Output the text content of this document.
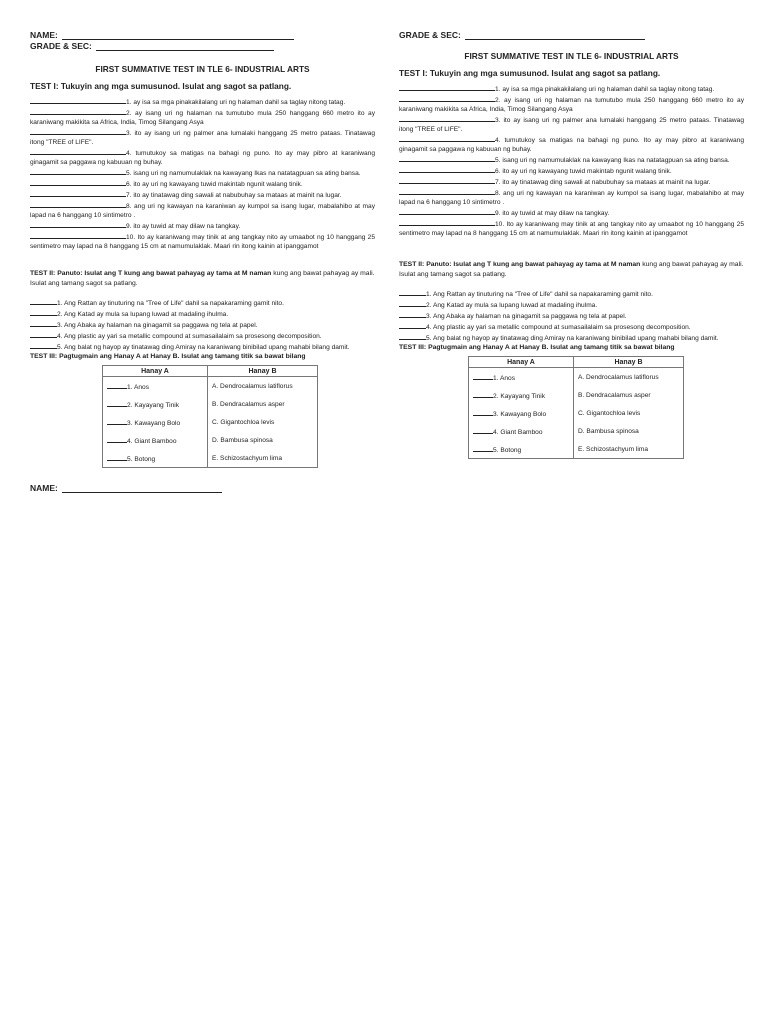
NAME:
GRADE & SEC:
FIRST SUMMATIVE TEST IN TLE 6- INDUSTRIAL ARTS
TEST I: Tukuyin ang mga sumusunod. Isulat ang sagot sa patlang.
1. ay isa sa mga pinakakilalang uri ng halaman dahil sa taglay nitong tatag.
2. ay isang uri ng halaman na tumutubo mula 250 hanggang 660 metro ito ay karaniwang makikita sa Africa, India, Timog Silangang Asya
3. ito ay isang uri ng palmer ana lumalaki hanggang 25 metro pataas. Tinatawag itong "TREE of LIFE".
4. tumutukoy sa matigas na bahagi ng puno. Ito ay may pibro at karaniwang ginagamit sa paggawa ng kabuuan ng buhay.
5. isang uri ng namumulaklak na kawayang Ikas na natatagpuan sa ating bansa.
6. ito ay uri ng kawayang tuwid makintab ngunit walang tinik.
7. ito ay tinatawag ding sawali at nabubuhay sa mataas at mainit na lugar.
8. ang uri ng kawayan na karaniwan ay kumpol sa isang lugar, mabalahibo at may lapad na 6 hanggang 10 sintimetro .
9. ito ay tuwid at may dilaw na tangkay.
10. Ito ay karaniwang may tinik at ang tangkay nito ay umaabot ng 10 hanggang 25 sentimetro may lapad na 8 hanggang 15 cm at namumulaklak. Maari rin itong kainin at ipanggamot
TEST II: Panuto: Isulat ang T kung ang bawat pahayag ay tama at M naman kung ang bawat pahayag ay mali. Isulat ang tamang sagot sa patlang.
1. Ang Rattan ay tinuturing na "Tree of Life" dahil sa napakaraming gamit nito.
2. Ang Katad ay mula sa lupang luwad at madaling ihulma.
3. Ang Abaka ay halaman na ginagamit sa paggawa ng tela at papel.
4. Ang plastic ay yari sa metallic compound at sumasailalaim sa prosesong decomposition.
5. Ang balat ng hayop ay tinatawag ding Amiray na karaniwang binibilad upang mahabi bilang damit.
TEST III: Pagtugmain ang Hanay A at Hanay B. Isulat ang tamang titik sa bawat bilang
Hanay A	Hanay B
1. Anos	A. Dendrocalamus latiflorus
2. Kayayang Tinik	B. Dendracalamus asper
3. Kawayang Bolo	C. Gigantochloa levis
4. Giant Bamboo	D. Bambusa spinosa
5. Botong	E. Schizostachyum lima
NAME:
GRADE & SEC:
FIRST SUMMATIVE TEST IN TLE 6- INDUSTRIAL ARTS
TEST I: Tukuyin ang mga sumusunod. Isulat ang sagot sa patlang.
1. ay isa sa mga pinakakilalang uri ng halaman dahil sa taglay nitong tatag.
2. ay isang uri ng halaman na tumutubo mula 250 hanggang 660 metro ito ay karaniwang makikita sa Africa, India, Timog Silangang Asya
3. ito ay isang uri ng palmer ana lumalaki hanggang 25 metro pataas. Tinatawag itong "TREE of LIFE".
4. tumutukoy sa matigas na bahagi ng puno. Ito ay may pibro at karaniwang ginagamit sa paggawa ng kabuuan ng buhay.
5. isang uri ng namumulaklak na kawayang Ikas na natatagpuan sa ating bansa.
6. ito ay uri ng kawayang tuwid makintab ngunit walang tinik.
7. ito ay tinatawag ding sawali at nabubuhay sa mataas at mainit na lugar.
8. ang uri ng kawayan na karaniwan ay kumpol sa isang lugar, mabalahibo at may lapad na 6 hanggang 10 sintimetro .
9. ito ay tuwid at may dilaw na tangkay.
10. Ito ay karaniwang may tinik at ang tangkay nito ay umaabot ng 10 hanggang 25 sentimetro may lapad na 8 hanggang 15 cm at namumulaklak. Maari rin itong kainin at ipanggamot
TEST II: Panuto: Isulat ang T kung ang bawat pahayag ay tama at M naman kung ang bawat pahayag ay mali. Isulat ang tamang sagot sa patlang.
1. Ang Rattan ay tinuturing na "Tree of Life" dahil sa napakaraming gamit nito.
2. Ang Katad ay mula sa lupang luwad at madaling ihulma.
3. Ang Abaka ay halaman na ginagamit sa paggawa ng tela at papel.
4. Ang plastic ay yari sa metallic compound at sumasailalaim sa prosesong decomposition.
5. Ang balat ng hayop ay tinatawag ding Amiray na karaniwang binibilad upang mahabi bilang damit.
TEST III: Pagtugmain ang Hanay A at Hanay B. Isulat ang tamang titik sa bawat bilang
Hanay A	Hanay B
1. Anos	A. Dendrocalamus latiflorus
2. Kayayang Tinik	B. Dendracalamus asper
3. Kawayang Bolo	C. Gigantochloa levis
4. Giant Bamboo	D. Bambusa spinosa
5. Botong	E. Schizostachyum lima
